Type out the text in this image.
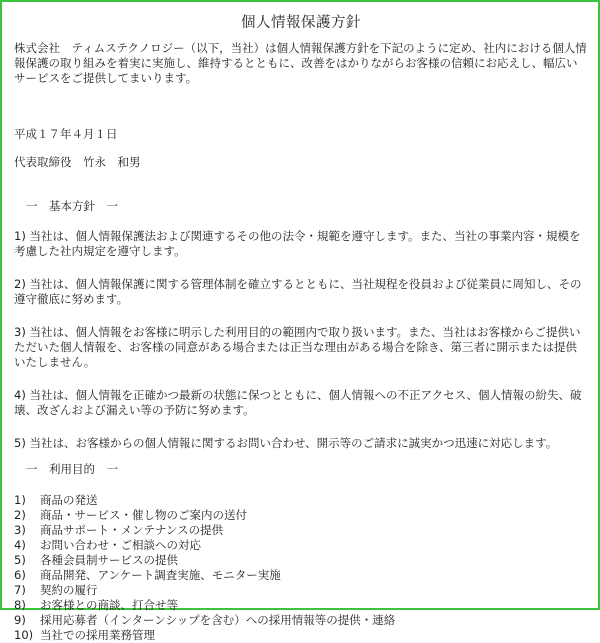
個人情報保護方針

株式会社　ティムステクノロジー（以下，当社）は個人情報保護方針を下記のように定め、社内における個人情報保護の取り組みを着実に実施し、維持するとともに、改善をはかりながらお客様の信頼にお応えし、幅広いサービスをご提供してまいります。

平成１７年４月１日

代表取締役　竹永　和男

一　基本方針　一

1) 当社は、個人情報保護法および関連するその他の法令・規範を遵守します。また、当社の事業内容・規模を考慮した社内規定を遵守します。

2) 当社は、個人情報保護に関する管理体制を確立するとともに、当社規程を役員および従業員に周知し、その遵守徹底に努めます。

3) 当社は、個人情報をお客様に明示した利用目的の範囲内で取り扱います。また、当社はお客様からご提供いただいた個人情報を、お客様の同意がある場合または正当な理由がある場合を除き、第三者に開示または提供いたしません。

4) 当社は、個人情報を正確かつ最新の状態に保つとともに、個人情報への不正アクセス、個人情報の紛失、破壊、改ざんおよび漏えい等の予防に努めます。

5) 当社は、お客様からの個人情報に関するお問い合わせ、開示等のご請求に誠実かつ迅速に対応します。

一　利用目的　一

1)	商品の発送
2)	商品・サービス・催し物のご案内の送付
3)	商品サポート・メンテナンスの提供
4)	お問い合わせ・ご相談への対応
5)	各種会員制サービスの提供
6)	商品開発、アンケート調査実施、モニター実施
7)	契約の履行
8)	お客様との商談、打合せ等
9)	採用応募者（インターンシップを含む）への採用情報等の提供・連絡
10) 当社での採用業務管理
